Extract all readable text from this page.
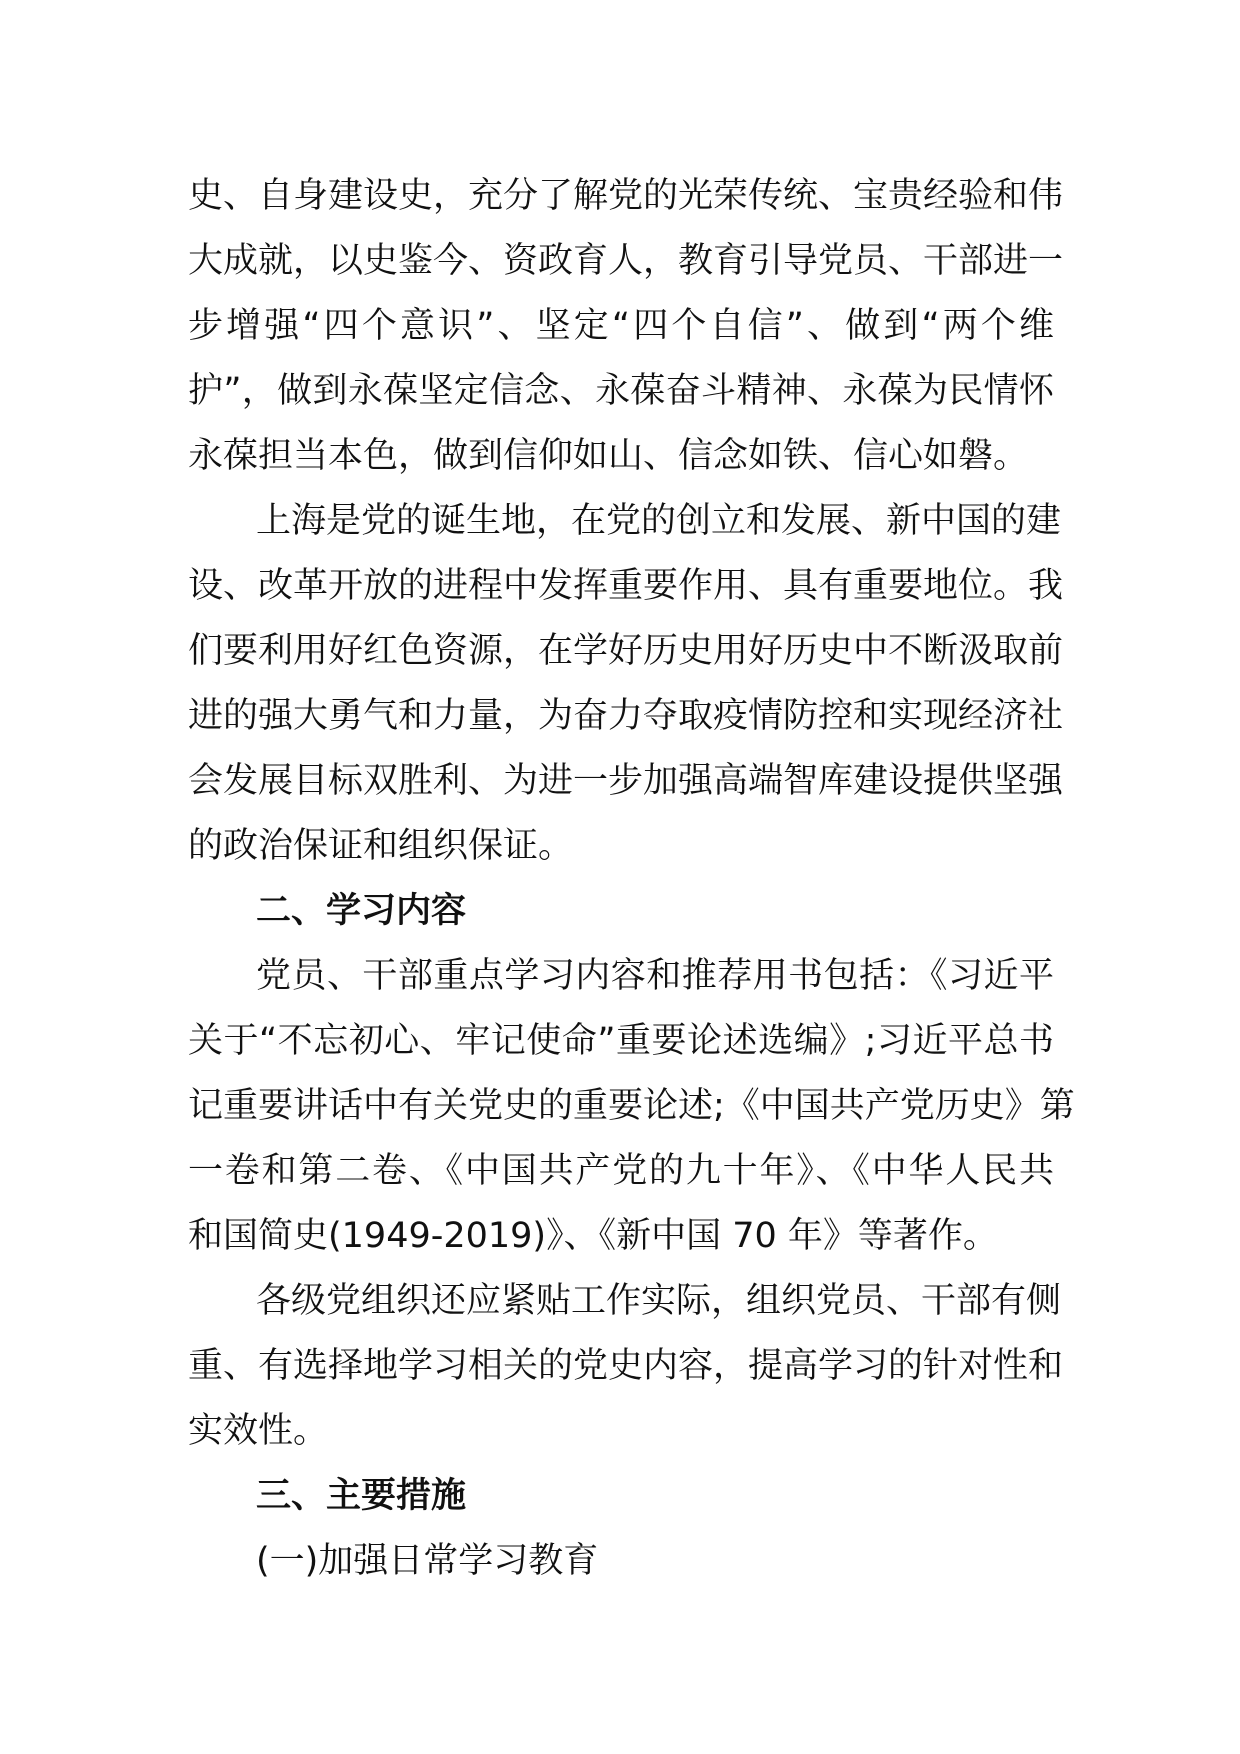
史、自身建设史，充分了解党的光荣传统、宝贵经验和伟
大成就，以史鉴今、资政育人，教育引导党员、干部进一
步增强“四个意识”、坚定“四个自信”、做到“两个维
护”，做到永葆坚定信念、永葆奋斗精神、永葆为民情怀
永葆担当本色，做到信仰如山、信念如铁、信心如磐。
上海是党的诞生地，在党的创立和发展、新中国的建
设、改革开放的进程中发挥重要作用、具有重要地位。我
们要利用好红色资源，在学好历史用好历史中不断汲取前
进的强大勇气和力量，为奋力夺取疫情防控和实现经济社
会发展目标双胜利、为进一步加强高端智库建设提供坚强
的政治保证和组织保证。
二、学习内容
党员、干部重点学习内容和推荐用书包括：《习近平
关于“不忘初心、牢记使命”重要论述选编》;习近平总书
记重要讲话中有关党史的重要论述;《中国共产党历史》第
一卷和第二卷、《中国共产党的九十年》、《中华人民共
和国简史(1949-2019)》、《新中国 70 年》等著作。
各级党组织还应紧贴工作实际，组织党员、干部有侧
重、有选择地学习相关的党史内容，提高学习的针对性和
实效性。
三、主要措施
(一)加强日常学习教育
